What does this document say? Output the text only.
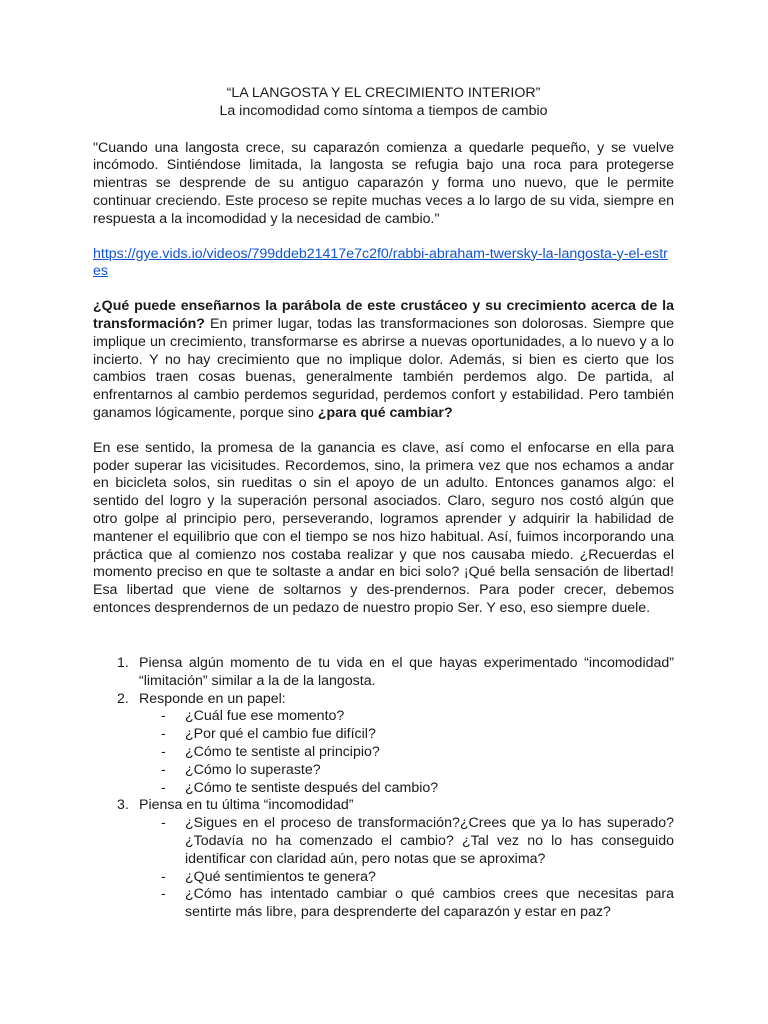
“LA LANGOSTA Y EL CRECIMIENTO INTERIOR”

La incomodidad como síntoma a tiempos de cambio

"Cuando una langosta crece, su caparazón comienza a quedarle pequeño, y se vuelve incómodo. Sintiéndose limitada, la langosta se refugia bajo una roca para protegerse mientras se desprende de su antiguo caparazón y forma uno nuevo, que le permite continuar creciendo. Este proceso se repite muchas veces a lo largo de su vida, siempre en respuesta a la incomodidad y la necesidad de cambio."

https://gye.vids.io/videos/799ddeb21417e7c2f0/rabbi-abraham-twersky-la-langosta-y-el-estres

¿Qué puede enseñarnos la parábola de este crustáceo y su crecimiento acerca de la transformación? En primer lugar, todas las transformaciones son dolorosas. Siempre que implique un crecimiento, transformarse es abrirse a nuevas oportunidades, a lo nuevo y a lo incierto. Y no hay crecimiento que no implique dolor. Además, si bien es cierto que los cambios traen cosas buenas, generalmente también perdemos algo. De partida, al enfrentarnos al cambio perdemos seguridad, perdemos confort y estabilidad. Pero también ganamos lógicamente, porque sino ¿para qué cambiar?

En ese sentido, la promesa de la ganancia es clave, así como el enfocarse en ella para poder superar las vicisitudes. Recordemos, sino, la primera vez que nos echamos a andar en bicicleta solos, sin rueditas o sin el apoyo de un adulto. Entonces ganamos algo: el sentido del logro y la superación personal asociados. Claro, seguro nos costó algún que otro golpe al principio pero, perseverando, logramos aprender y adquirir la habilidad de mantener el equilibrio que con el tiempo se nos hizo habitual. Así, fuimos incorporando una práctica que al comienzo nos costaba realizar y que nos causaba miedo. ¿Recuerdas el momento preciso en que te soltaste a andar en bici solo? ¡Qué bella sensación de libertad! Esa libertad que viene de soltarnos y des-prendernos. Para poder crecer, debemos entonces desprendernos de un pedazo de nuestro propio Ser. Y eso, eso siempre duele.

1. Piensa algún momento de tu vida en el que hayas experimentado “incomodidad” “limitación” similar a la de la langosta.
2. Responde en un papel:
- ¿Cuál fue ese momento?
- ¿Por qué el cambio fue difícil?
- ¿Cómo te sentiste al principio?
- ¿Cómo lo superaste?
- ¿Cómo te sentiste después del cambio?
3. Piensa en tu última “incomodidad”
- ¿Sigues en el proceso de transformación?¿Crees que ya lo has superado? ¿Todavía no ha comenzado el cambio? ¿Tal vez no lo has conseguido identificar con claridad aún, pero notas que se aproxima?
- ¿Qué sentimientos te genera?
- ¿Cómo has intentado cambiar o qué cambios crees que necesitas para sentirte más libre, para desprenderte del caparazón y estar en paz?
